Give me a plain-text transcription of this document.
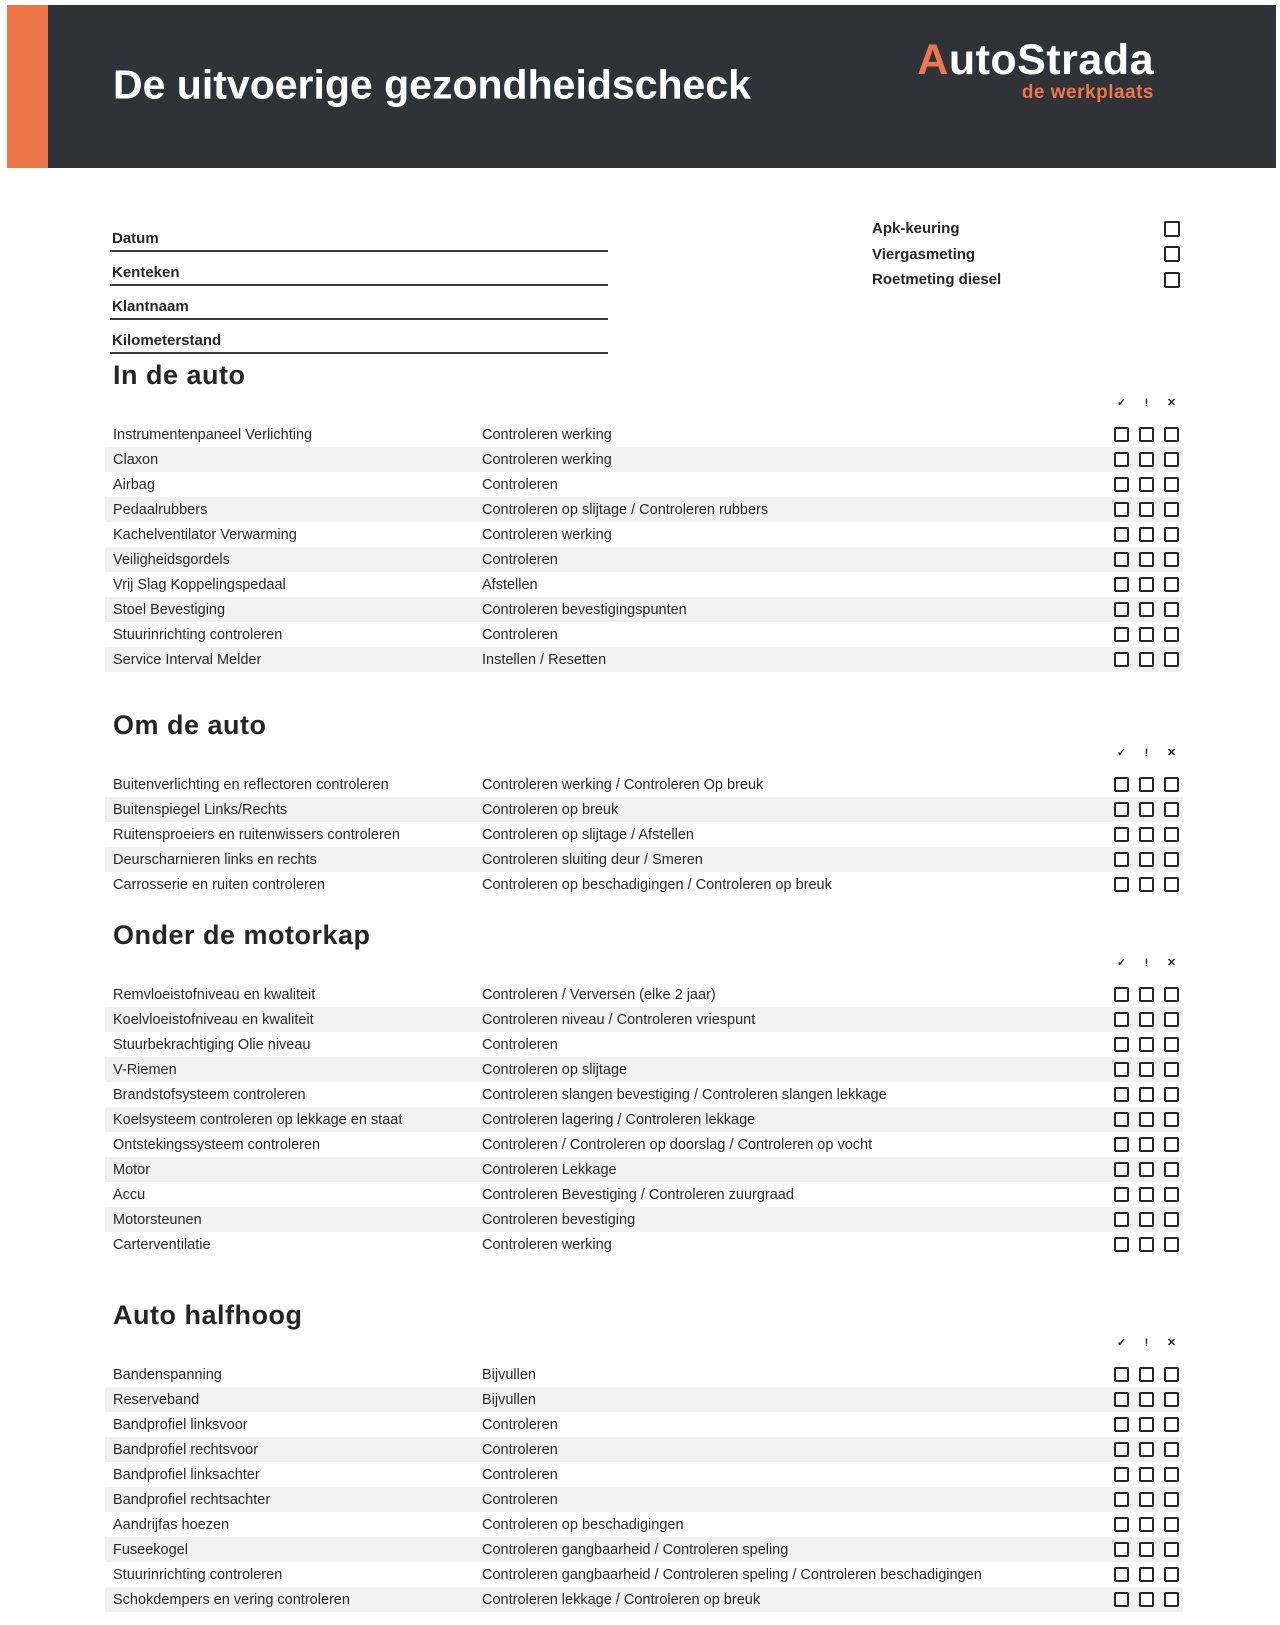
De uitvoerige gezondheidscheck
AutoStrada
de werkplaats
Datum
Kenteken
Klantnaam
Kilometerstand
Apk-keuring
Viergasmeting
Roetmeting diesel
In de auto
✓	!	✕
Instrumentenpaneel Verlichting	Controleren werking
Claxon	Controleren werking
Airbag	Controleren
Pedaalrubbers	Controleren op slijtage / Controleren rubbers
Kachelventilator Verwarming	Controleren werking
Veiligheidsgordels	Controleren
Vrij Slag Koppelingspedaal	Afstellen
Stoel Bevestiging	Controleren bevestigingspunten
Stuurinrichting controleren	Controleren
Service Interval Melder	Instellen / Resetten
Om de auto
✓	!	✕
Buitenverlichting en reflectoren controleren	Controleren werking / Controleren Op breuk
Buitenspiegel Links/Rechts	Controleren op breuk
Ruitensproeiers en ruitenwissers controleren	Controleren op slijtage / Afstellen
Deurscharnieren links en rechts	Controleren sluiting deur / Smeren
Carrosserie en ruiten controleren	Controleren op beschadigingen / Controleren op breuk
Onder de motorkap
✓	!	✕
Remvloeistofniveau en kwaliteit	Controleren / Verversen (elke 2 jaar)
Koelvloeistofniveau en kwaliteit	Controleren niveau / Controleren vriespunt
Stuurbekrachtiging Olie niveau	Controleren
V-Riemen	Controleren op slijtage
Brandstofsysteem controleren	Controleren slangen bevestiging / Controleren slangen lekkage
Koelsysteem controleren op lekkage en staat	Controleren lagering / Controleren lekkage
Ontstekingssysteem controleren	Controleren / Controleren op doorslag / Controleren op vocht
Motor	Controleren Lekkage
Accu	Controleren Bevestiging / Controleren zuurgraad
Motorsteunen	Controleren bevestiging
Carterventilatie	Controleren werking
Auto halfhoog
✓	!	✕
Bandenspanning	Bijvullen
Reserveband	Bijvullen
Bandprofiel linksvoor	Controleren
Bandprofiel rechtsvoor	Controleren
Bandprofiel linksachter	Controleren
Bandprofiel rechtsachter	Controleren
Aandrijfas hoezen	Controleren op beschadigingen
Fuseekogel	Controleren gangbaarheid / Controleren speling
Stuurinrichting controleren	Controleren gangbaarheid / Controleren speling / Controleren beschadigingen
Schokdempers en vering controleren	Controleren lekkage / Controleren op breuk
